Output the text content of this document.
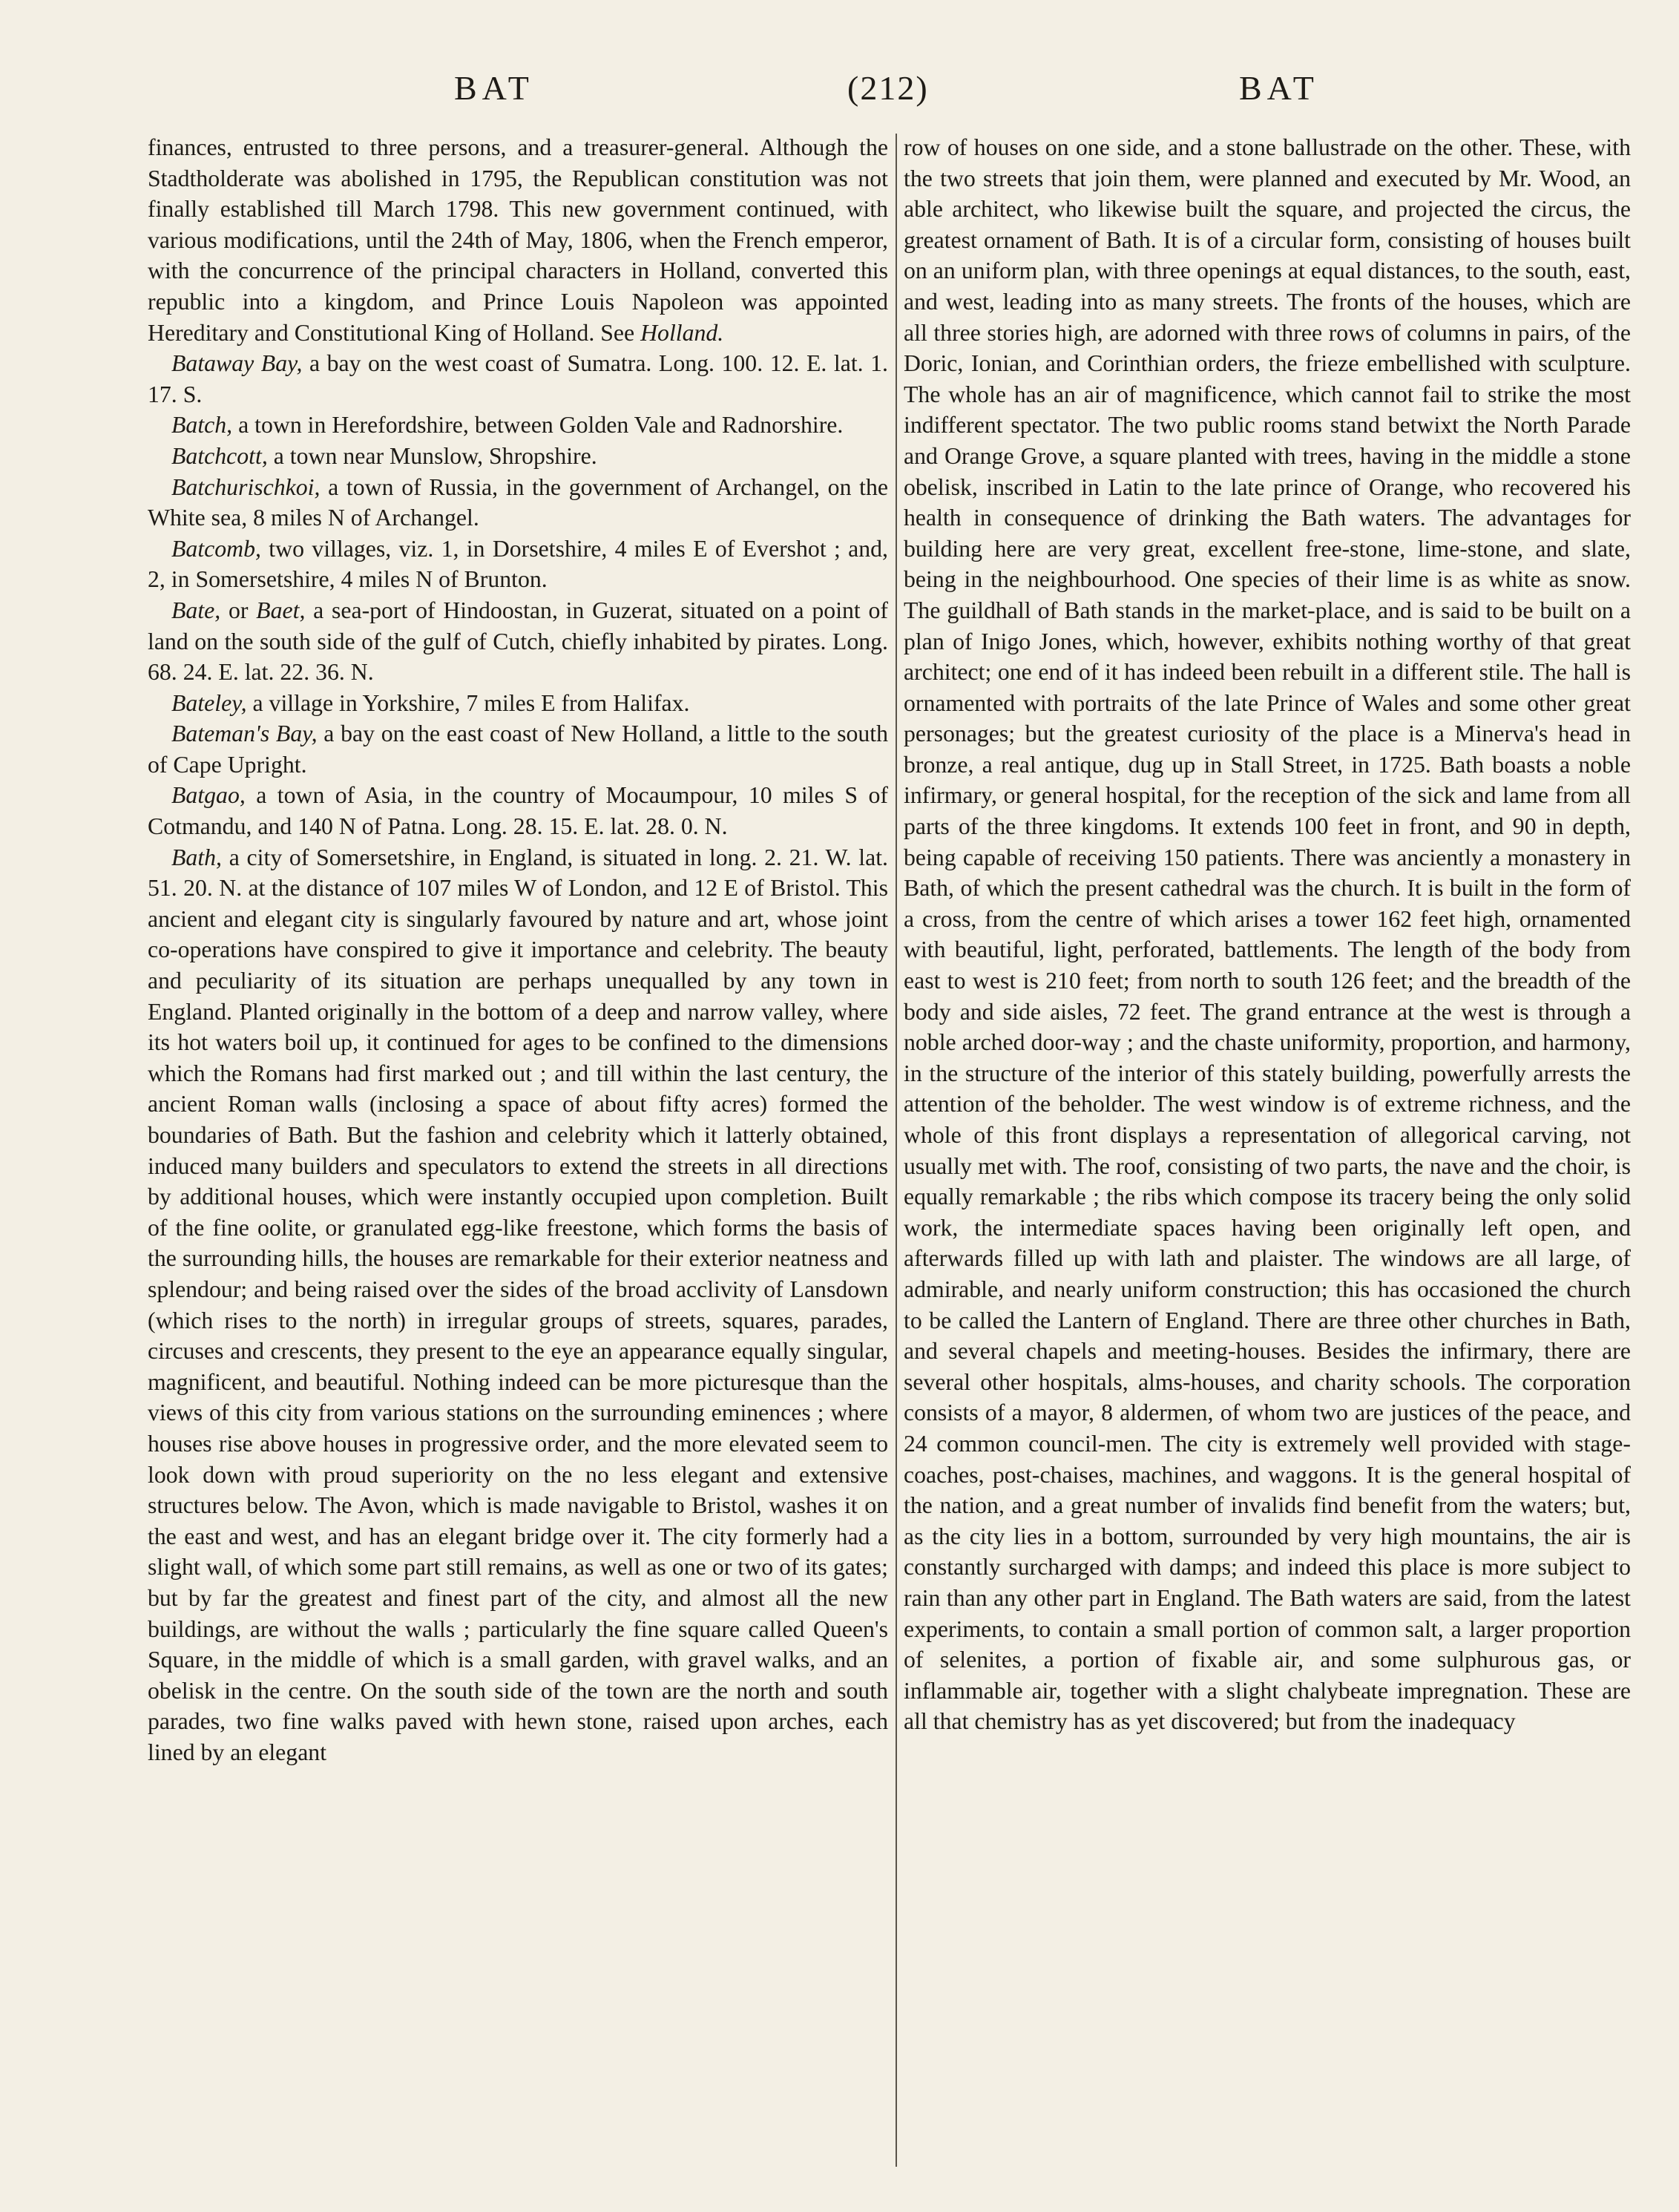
BAT	(212)	BAT

finances, entrusted to three persons, and a treasurer-general. Although the Stadtholderate was abolished in 1795, the Republican constitution was not finally established till March 1798. This new government continued, with various modifications, until the 24th of May, 1806, when the French emperor, with the concurrence of the principal characters in Holland, converted this republic into a kingdom, and Prince Louis Napoleon was appointed Hereditary and Constitutional King of Holland. See Holland.

Bataway Bay, a bay on the west coast of Sumatra. Long. 100. 12. E. lat. 1. 17. S.

Batch, a town in Herefordshire, between Golden Vale and Radnorshire.

Batchcott, a town near Munslow, Shropshire.

Batchurischkoi, a town of Russia, in the government of Archangel, on the White sea, 8 miles N of Archangel.

Batcomb, two villages, viz. 1, in Dorsetshire, 4 miles E of Evershot ; and, 2, in Somersetshire, 4 miles N of Brunton.

Bate, or Baet, a sea-port of Hindoostan, in Guzerat, situated on a point of land on the south side of the gulf of Cutch, chiefly inhabited by pirates. Long. 68. 24. E. lat. 22. 36. N.

Bateley, a village in Yorkshire, 7 miles E from Halifax.

Bateman's Bay, a bay on the east coast of New Holland, a little to the south of Cape Upright.

Batgao, a town of Asia, in the country of Mocaumpour, 10 miles S of Cotmandu, and 140 N of Patna. Long. 28. 15. E. lat. 28. 0. N.

Bath, a city of Somersetshire, in England, is situated in long. 2. 21. W. lat. 51. 20. N. at the distance of 107 miles W of London, and 12 E of Bristol. This ancient and elegant city is singularly favoured by nature and art, whose joint co-operations have conspired to give it importance and celebrity. The beauty and peculiarity of its situation are perhaps unequalled by any town in England. Planted originally in the bottom of a deep and narrow valley, where its hot waters boil up, it continued for ages to be confined to the dimensions which the Romans had first marked out ; and till within the last century, the ancient Roman walls (inclosing a space of about fifty acres) formed the boundaries of Bath. But the fashion and celebrity which it latterly obtained, induced many builders and speculators to extend the streets in all directions by additional houses, which were instantly occupied upon completion. Built of the fine oolite, or granulated egg-like freestone, which forms the basis of the surrounding hills, the houses are remarkable for their exterior neatness and splendour; and being raised over the sides of the broad acclivity of Lansdown (which rises to the north) in irregular groups of streets, squares, parades, circuses and crescents, they present to the eye an appearance equally singular, magnificent, and beautiful. Nothing indeed can be more picturesque than the views of this city from various stations on the surrounding eminences ; where houses rise above houses in progressive order, and the more elevated seem to look down with proud superiority on the no less elegant and extensive structures below. The Avon, which is made navigable to Bristol, washes it on the east and west, and has an elegant bridge over it. The city formerly had a slight wall, of which some part still remains, as well as one or two of its gates; but by far the greatest and finest part of the city, and almost all the new buildings, are without the walls ; particularly the fine square called Queen's Square, in the middle of which is a small garden, with gravel walks, and an obelisk in the centre. On the south side of the town are the north and south parades, two fine walks paved with hewn stone, raised upon arches, each lined by an elegant

row of houses on one side, and a stone ballustrade on the other. These, with the two streets that join them, were planned and executed by Mr. Wood, an able architect, who likewise built the square, and projected the circus, the greatest ornament of Bath. It is of a circular form, consisting of houses built on an uniform plan, with three openings at equal distances, to the south, east, and west, leading into as many streets. The fronts of the houses, which are all three stories high, are adorned with three rows of columns in pairs, of the Doric, Ionian, and Corinthian orders, the frieze embellished with sculpture. The whole has an air of magnificence, which cannot fail to strike the most indifferent spectator. The two public rooms stand betwixt the North Parade and Orange Grove, a square planted with trees, having in the middle a stone obelisk, inscribed in Latin to the late prince of Orange, who recovered his health in consequence of drinking the Bath waters. The advantages for building here are very great, excellent free-stone, lime-stone, and slate, being in the neighbourhood. One species of their lime is as white as snow. The guildhall of Bath stands in the market-place, and is said to be built on a plan of Inigo Jones, which, however, exhibits nothing worthy of that great architect; one end of it has indeed been rebuilt in a different stile. The hall is ornamented with portraits of the late Prince of Wales and some other great personages; but the greatest curiosity of the place is a Minerva's head in bronze, a real antique, dug up in Stall Street, in 1725. Bath boasts a noble infirmary, or general hospital, for the reception of the sick and lame from all parts of the three kingdoms. It extends 100 feet in front, and 90 in depth, being capable of receiving 150 patients. There was anciently a monastery in Bath, of which the present cathedral was the church. It is built in the form of a cross, from the centre of which arises a tower 162 feet high, ornamented with beautiful, light, perforated, battlements. The length of the body from east to west is 210 feet; from north to south 126 feet; and the breadth of the body and side aisles, 72 feet. The grand entrance at the west is through a noble arched door-way ; and the chaste uniformity, proportion, and harmony, in the structure of the interior of this stately building, powerfully arrests the attention of the beholder. The west window is of extreme richness, and the whole of this front displays a representation of allegorical carving, not usually met with. The roof, consisting of two parts, the nave and the choir, is equally remarkable ; the ribs which compose its tracery being the only solid work, the intermediate spaces having been originally left open, and afterwards filled up with lath and plaister. The windows are all large, of admirable, and nearly uniform construction; this has occasioned the church to be called the Lantern of England. There are three other churches in Bath, and several chapels and meeting-houses. Besides the infirmary, there are several other hospitals, alms-houses, and charity schools. The corporation consists of a mayor, 8 aldermen, of whom two are justices of the peace, and 24 common council-men. The city is extremely well provided with stage-coaches, post-chaises, machines, and waggons. It is the general hospital of the nation, and a great number of invalids find benefit from the waters; but, as the city lies in a bottom, surrounded by very high mountains, the air is constantly surcharged with damps; and indeed this place is more subject to rain than any other part in England. The Bath waters are said, from the latest experiments, to contain a small portion of common salt, a larger proportion of selenites, a portion of fixable air, and some sulphurous gas, or inflammable air, together with a slight chalybeate impregnation. These are all that chemistry has as yet discovered; but from the inadequacy
